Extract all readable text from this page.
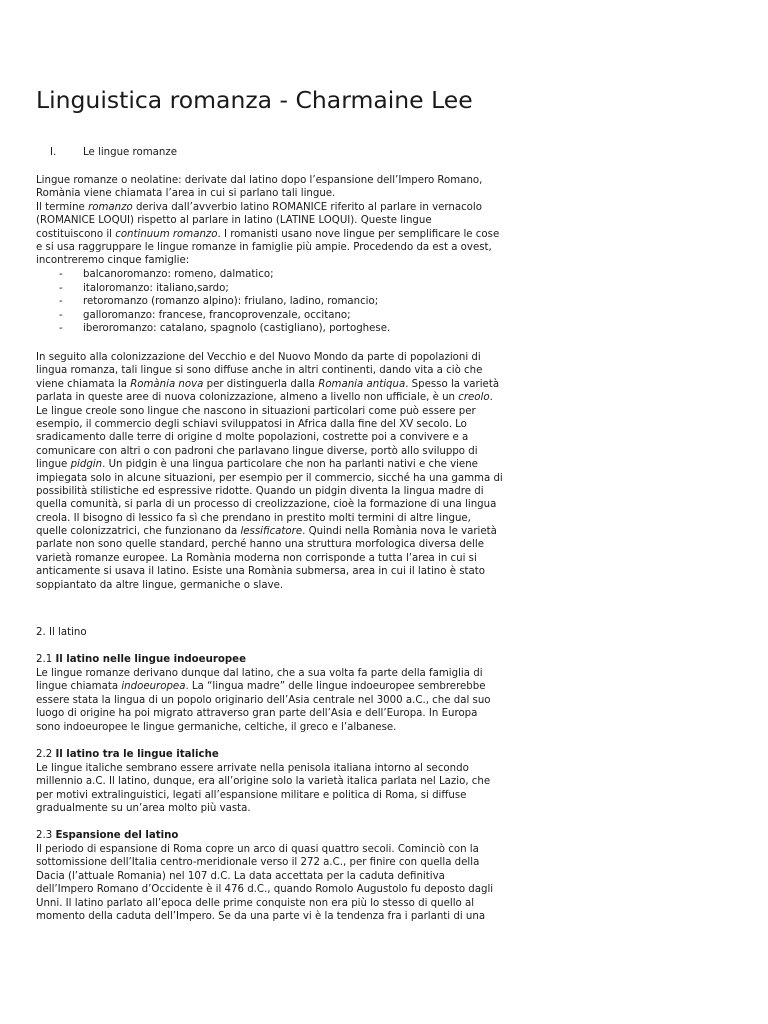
Linguistica romanza - Charmaine Lee
I.	Le lingue romanze
Lingue romanze o neolatine: derivate dal latino dopo l’espansione dell’Impero Romano,
Romània viene chiamata l’area in cui si parlano tali lingue.
Il termine romanzo deriva dall’avverbio latino ROMANICE riferito al parlare in vernacolo
(ROMANICE LOQUI) rispetto al parlare in latino (LATINE LOQUI). Queste lingue
costituiscono il continuum romanzo. I romanisti usano nove lingue per semplificare le cose
e si usa raggruppare le lingue romanze in famiglie più ampie. Procedendo da est a ovest,
incontreremo cinque famiglie:
- balcanoromanzo: romeno, dalmatico;
- italoromanzo: italiano,sardo;
- retoromanzo (romanzo alpino): friulano, ladino, romancio;
- galloromanzo: francese, francoprovenzale, occitano;
- iberoromanzo: catalano, spagnolo (castigliano), portoghese.
In seguito alla colonizzazione del Vecchio e del Nuovo Mondo da parte di popolazioni di
lingua romanza, tali lingue si sono diffuse anche in altri continenti, dando vita a ciò che
viene chiamata la Romània nova per distinguerla dalla Romania antiqua. Spesso la varietà
parlata in queste aree di nuova colonizzazione, almeno a livello non ufficiale, è un creolo.
Le lingue creole sono lingue che nascono in situazioni particolari come può essere per
esempio, il commercio degli schiavi sviluppatosi in Africa dalla fine del XV secolo. Lo
sradicamento dalle terre di origine d molte popolazioni, costrette poi a convivere e a
comunicare con altri o con padroni che parlavano lingue diverse, portò allo sviluppo di
lingue pidgin. Un pidgin è una lingua particolare che non ha parlanti nativi e che viene
impiegata solo in alcune situazioni, per esempio per il commercio, sicché ha una gamma di
possibilità stilistiche ed espressive ridotte. Quando un pidgin diventa la lingua madre di
quella comunità, si parla di un processo di creolizzazione, cioè la formazione di una lingua
creola. Il bisogno di lessico fa sì che prendano in prestito molti termini di altre lingue,
quelle colonizzatrici, che funzionano da lessificatore. Quindi nella Romània nova le varietà
parlate non sono quelle standard, perché hanno una struttura morfologica diversa delle
varietà romanze europee. La Romània moderna non corrisponde a tutta l’area in cui si
anticamente si usava il latino. Esiste una Romània submersa, area in cui il latino è stato
soppiantato da altre lingue, germaniche o slave.
2. Il latino
2.1 Il latino nelle lingue indoeuropee
Le lingue romanze derivano dunque dal latino, che a sua volta fa parte della famiglia di
lingue chiamata indoeuropea. La “lingua madre” delle lingue indoeuropee sembrerebbe
essere stata la lingua di un popolo originario dell’Asia centrale nel 3000 a.C., che dal suo
luogo di origine ha poi migrato attraverso gran parte dell’Asia e dell’Europa. In Europa
sono indoeuropee le lingue germaniche, celtiche, il greco e l’albanese.
2.2 Il latino tra le lingue italiche
Le lingue italiche sembrano essere arrivate nella penisola italiana intorno al secondo
millennio a.C. Il latino, dunque, era all’origine solo la varietà italica parlata nel Lazio, che
per motivi extralinguistici, legati all’espansione militare e politica di Roma, si diffuse
gradualmente su un’area molto più vasta.
2.3 Espansione del latino
Il periodo di espansione di Roma copre un arco di quasi quattro secoli. Cominciò con la
sottomissione dell’Italia centro-meridionale verso il 272 a.C., per finire con quella della
Dacia (l’attuale Romania) nel 107 d.C. La data accettata per la caduta definitiva
dell’Impero Romano d’Occidente è il 476 d.C., quando Romolo Augustolo fu deposto dagli
Unni. Il latino parlato all’epoca delle prime conquiste non era più lo stesso di quello al
momento della caduta dell’Impero. Se da una parte vi è la tendenza fra i parlanti di una
